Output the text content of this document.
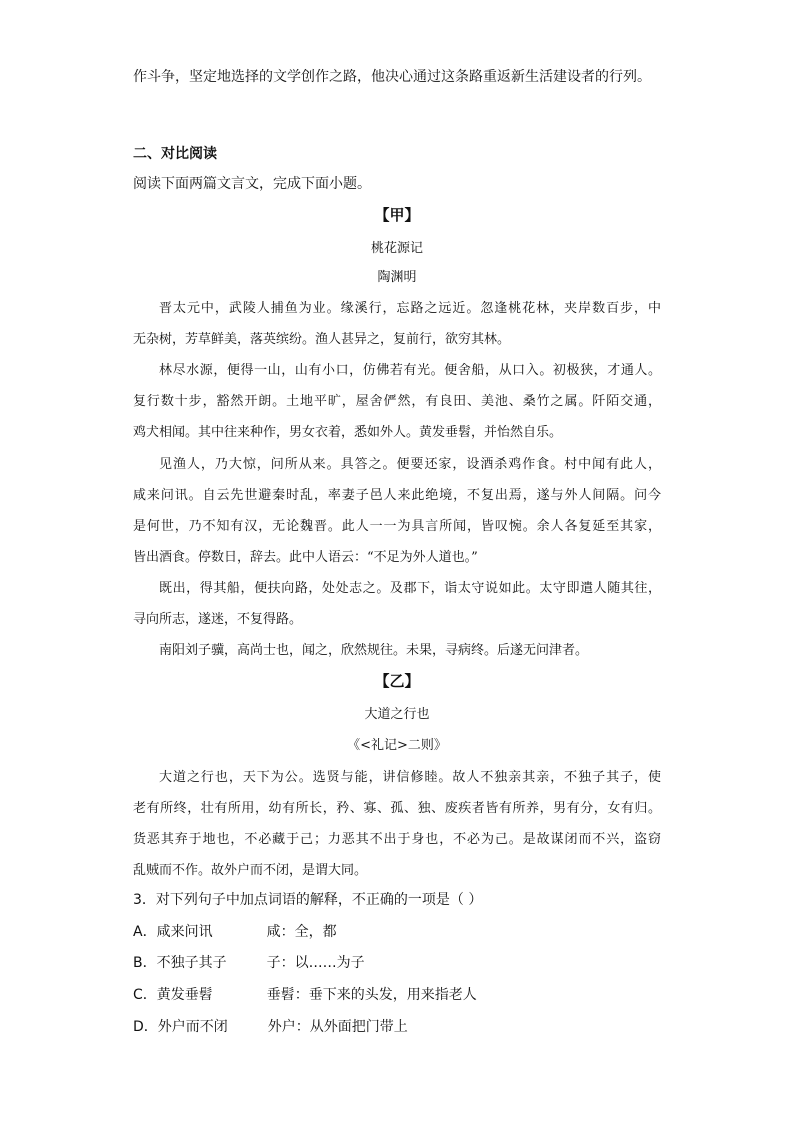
作斗争，坚定地选择的文学创作之路，他决心通过这条路重返新生活建设者的行列。
二、对比阅读
阅读下面两篇文言文，完成下面小题。
【甲】
桃花源记
陶渊明
晋太元中，武陵人捕鱼为业。缘溪行，忘路之远近。忽逢桃花林，夹岸数百步，中
无杂树，芳草鲜美，落英缤纷。渔人甚异之，复前行，欲穷其林。
林尽水源，便得一山，山有小口，仿佛若有光。便舍船，从口入。初极狭，才通人。
复行数十步，豁然开朗。土地平旷，屋舍俨然，有良田、美池、桑竹之属。阡陌交通，
鸡犬相闻。其中往来种作，男女衣着，悉如外人。黄发垂髫，并怡然自乐。
见渔人，乃大惊，问所从来。具答之。便要还家，设酒杀鸡作食。村中闻有此人，
咸来问讯。自云先世避秦时乱，率妻子邑人来此绝境，不复出焉，遂与外人间隔。问今
是何世，乃不知有汉，无论魏晋。此人一一为具言所闻，皆叹惋。余人各复延至其家，
皆出酒食。停数日，辞去。此中人语云：“不足为外人道也。”
既出，得其船，便扶向路，处处志之。及郡下，诣太守说如此。太守即遣人随其往，
寻向所志，遂迷，不复得路。
南阳刘子骥，高尚士也，闻之，欣然规往。未果，寻病终。后遂无问津者。
【乙】
大道之行也
《<礼记>二则》
大道之行也，天下为公。选贤与能，讲信修睦。故人不独亲其亲，不独子其子，使
老有所终，壮有所用，幼有所长，矜、寡、孤、独、废疾者皆有所养，男有分，女有归。
货恶其弃于地也，不必藏于己；力恶其不出于身也，不必为己。是故谋闭而不兴，盗窃
乱贼而不作。故外户而不闭，是谓大同。
3．对下列句子中加点词语的解释，不正确的一项是（ ）
A．咸来问讯	咸：全，都
B．不独子其子	子：以……为子
C．黄发垂髫	垂髫：垂下来的头发，用来指老人
D．外户而不闭	外户：从外面把门带上
